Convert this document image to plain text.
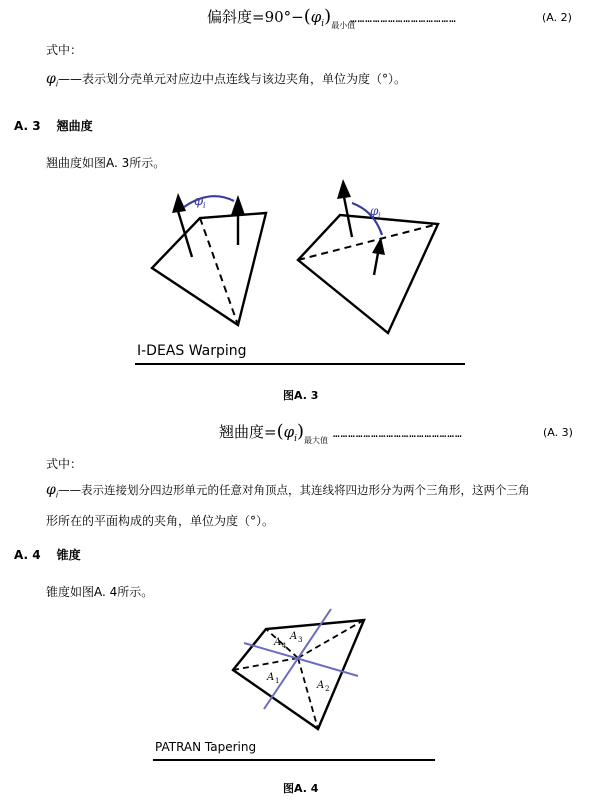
偏斜度$=90^\circ-(\varphi_i)_{最小值}$
……………………………………	(A. 2)
式中：
$\varphi_i——$表示划分壳单元对应边中点连线与该边夹角，单位为度（°）。
A. 3 翘曲度
翘曲度如图A. 3所示。
φ i	φ i
I-DEAS Warping
图A. 3
翘曲度$=(\varphi_i)_{最大值}$
……………………………………………	(A. 3)
式中：
$\varphi_i——$表示连接划分四边形单元的任意对角顶点，其连线将四边形分为两个三角形，这两个三角
形所在的平面构成的夹角，单位为度（°）。
A. 4 锥度
锥度如图A. 4所示。
A 4
A 3
A 1	A 2
PATRAN Tapering
图A. 4
